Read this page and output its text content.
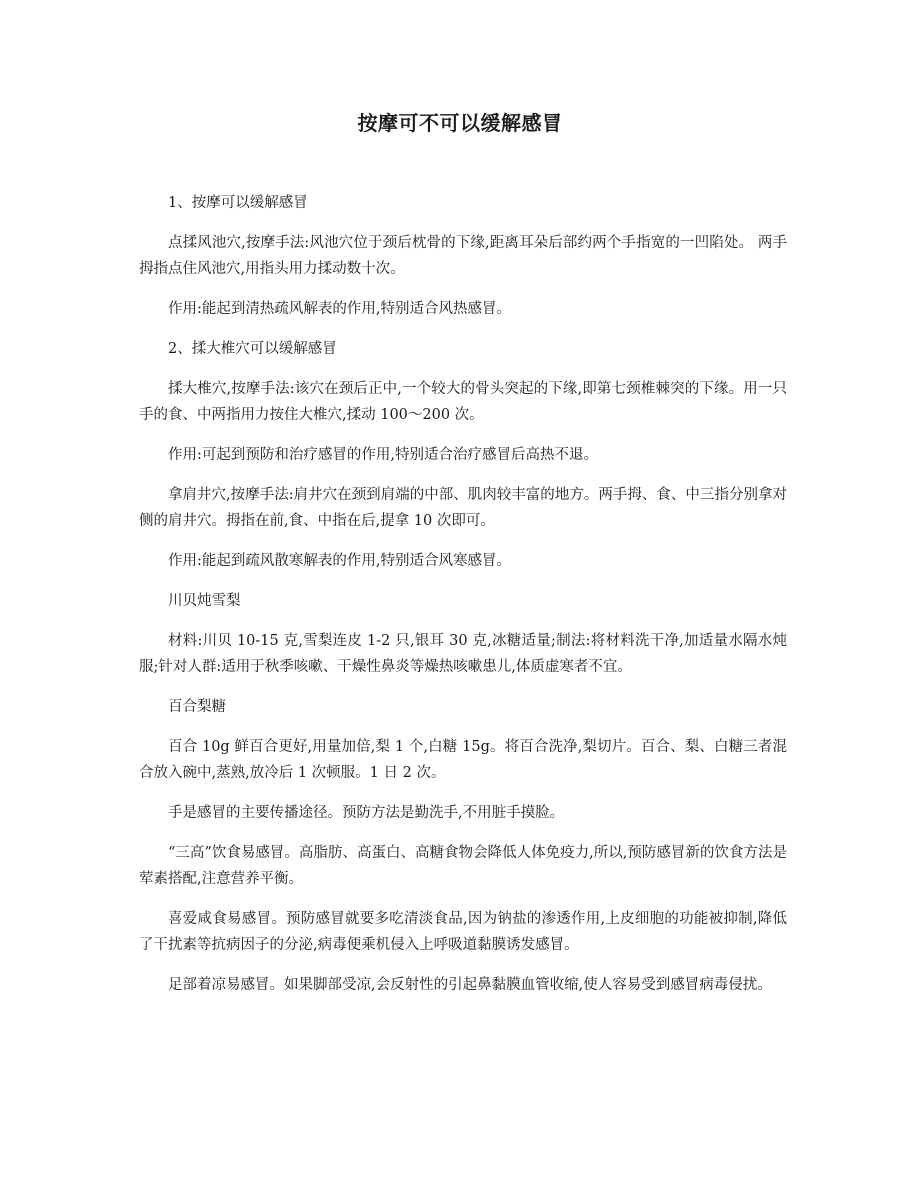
按摩可不可以缓解感冒

1、按摩可以缓解感冒

点揉风池穴,按摩手法:风池穴位于颈后枕骨的下缘,距离耳朵后部约两个手指宽的一凹陷处。 两手拇指点住风池穴,用指头用力揉动数十次。

作用:能起到清热疏风解表的作用,特别适合风热感冒。

2、揉大椎穴可以缓解感冒

揉大椎穴,按摩手法:该穴在颈后正中,一个较大的骨头突起的下缘,即第七颈椎棘突的下缘。用一只手的食、中两指用力按住大椎穴,揉动 100～200 次。

作用:可起到预防和治疗感冒的作用,特别适合治疗感冒后高热不退。

拿肩井穴,按摩手法:肩井穴在颈到肩端的中部、肌肉较丰富的地方。两手拇、食、中三指分别拿对侧的肩井穴。拇指在前,食、中指在后,提拿 10 次即可。

作用:能起到疏风散寒解表的作用,特别适合风寒感冒。

川贝炖雪梨

材料:川贝 10-15 克,雪梨连皮 1-2 只,银耳 30 克,冰糖适量;制法:将材料洗干净,加适量水隔水炖服;针对人群:适用于秋季咳嗽、干燥性鼻炎等燥热咳嗽患儿,体质虚寒者不宜。

百合梨糖

百合 10g 鲜百合更好,用量加倍,梨 1 个,白糖 15g。将百合洗净,梨切片。百合、梨、白糖三者混合放入碗中,蒸熟,放冷后 1 次顿服。1 日 2 次。

手是感冒的主要传播途径。预防方法是勤洗手,不用脏手摸脸。

“三高”饮食易感冒。高脂肪、高蛋白、高糖食物会降低人体免疫力,所以,预防感冒新的饮食方法是荤素搭配,注意营养平衡。

喜爱咸食易感冒。预防感冒就要多吃清淡食品,因为钠盐的渗透作用,上皮细胞的功能被抑制,降低了干扰素等抗病因子的分泌,病毒便乘机侵入上呼吸道黏膜诱发感冒。

足部着凉易感冒。如果脚部受凉,会反射性的引起鼻黏膜血管收缩,使人容易受到感冒病毒侵扰。
